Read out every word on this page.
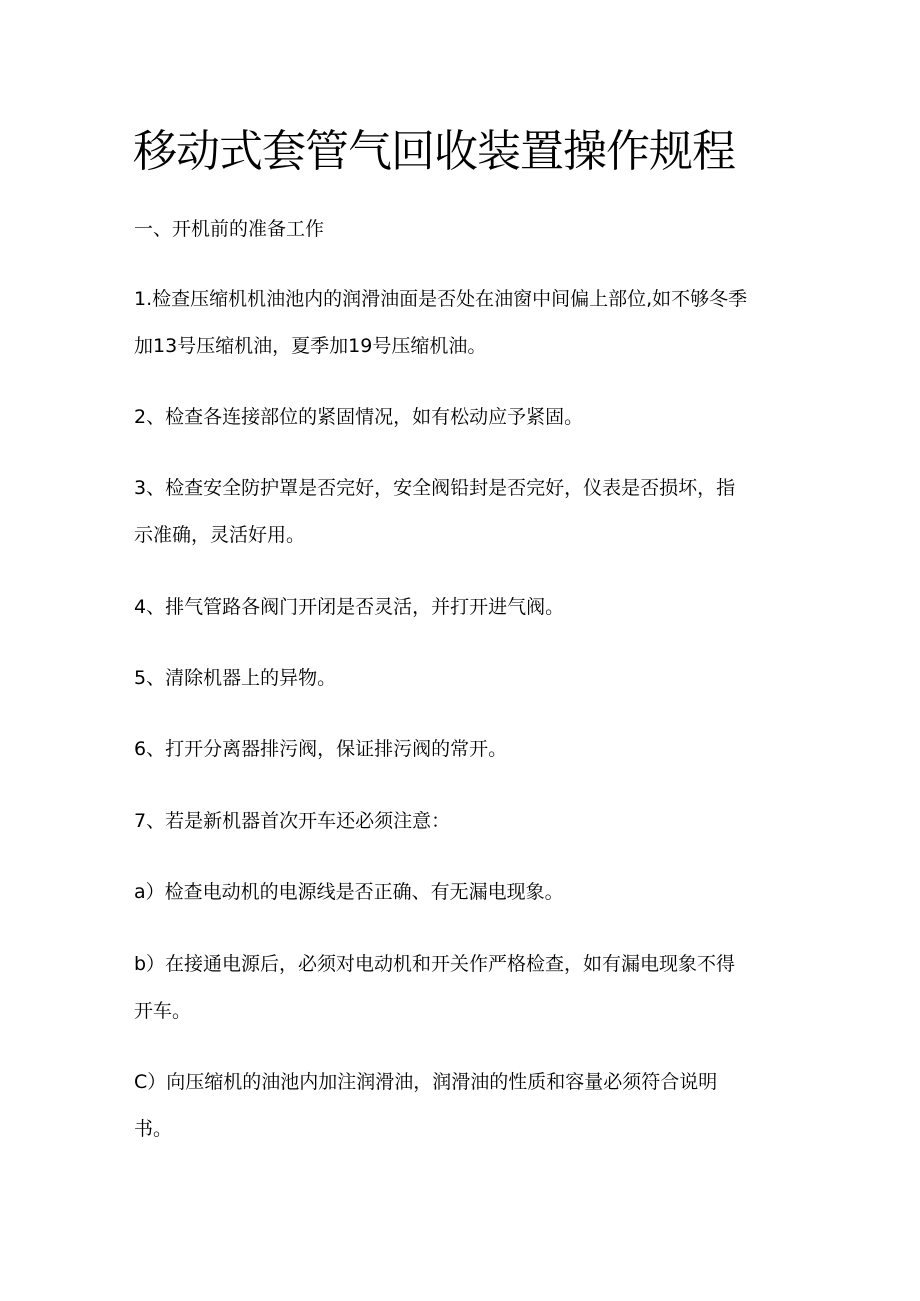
移动式套管气回收装置操作规程

一、开机前的准备工作

1.检查压缩机机油池内的润滑油面是否处在油窗中间偏上部位,如不够冬季

加13号压缩机油，夏季加19号压缩机油。

2、检查各连接部位的紧固情况，如有松动应予紧固。

3、检查安全防护罩是否完好，安全阀铅封是否完好，仪表是否损坏，指

示准确，灵活好用。

4、排气管路各阀门开闭是否灵活，并打开进气阀。

5、清除机器上的异物。

6、打开分离器排污阀，保证排污阀的常开。

7、若是新机器首次开车还必须注意：

a）检查电动机的电源线是否正确、有无漏电现象。

b）在接通电源后，必须对电动机和开关作严格检查，如有漏电现象不得

开车。

C）向压缩机的油池内加注润滑油，润滑油的性质和容量必须符合说明

书。
